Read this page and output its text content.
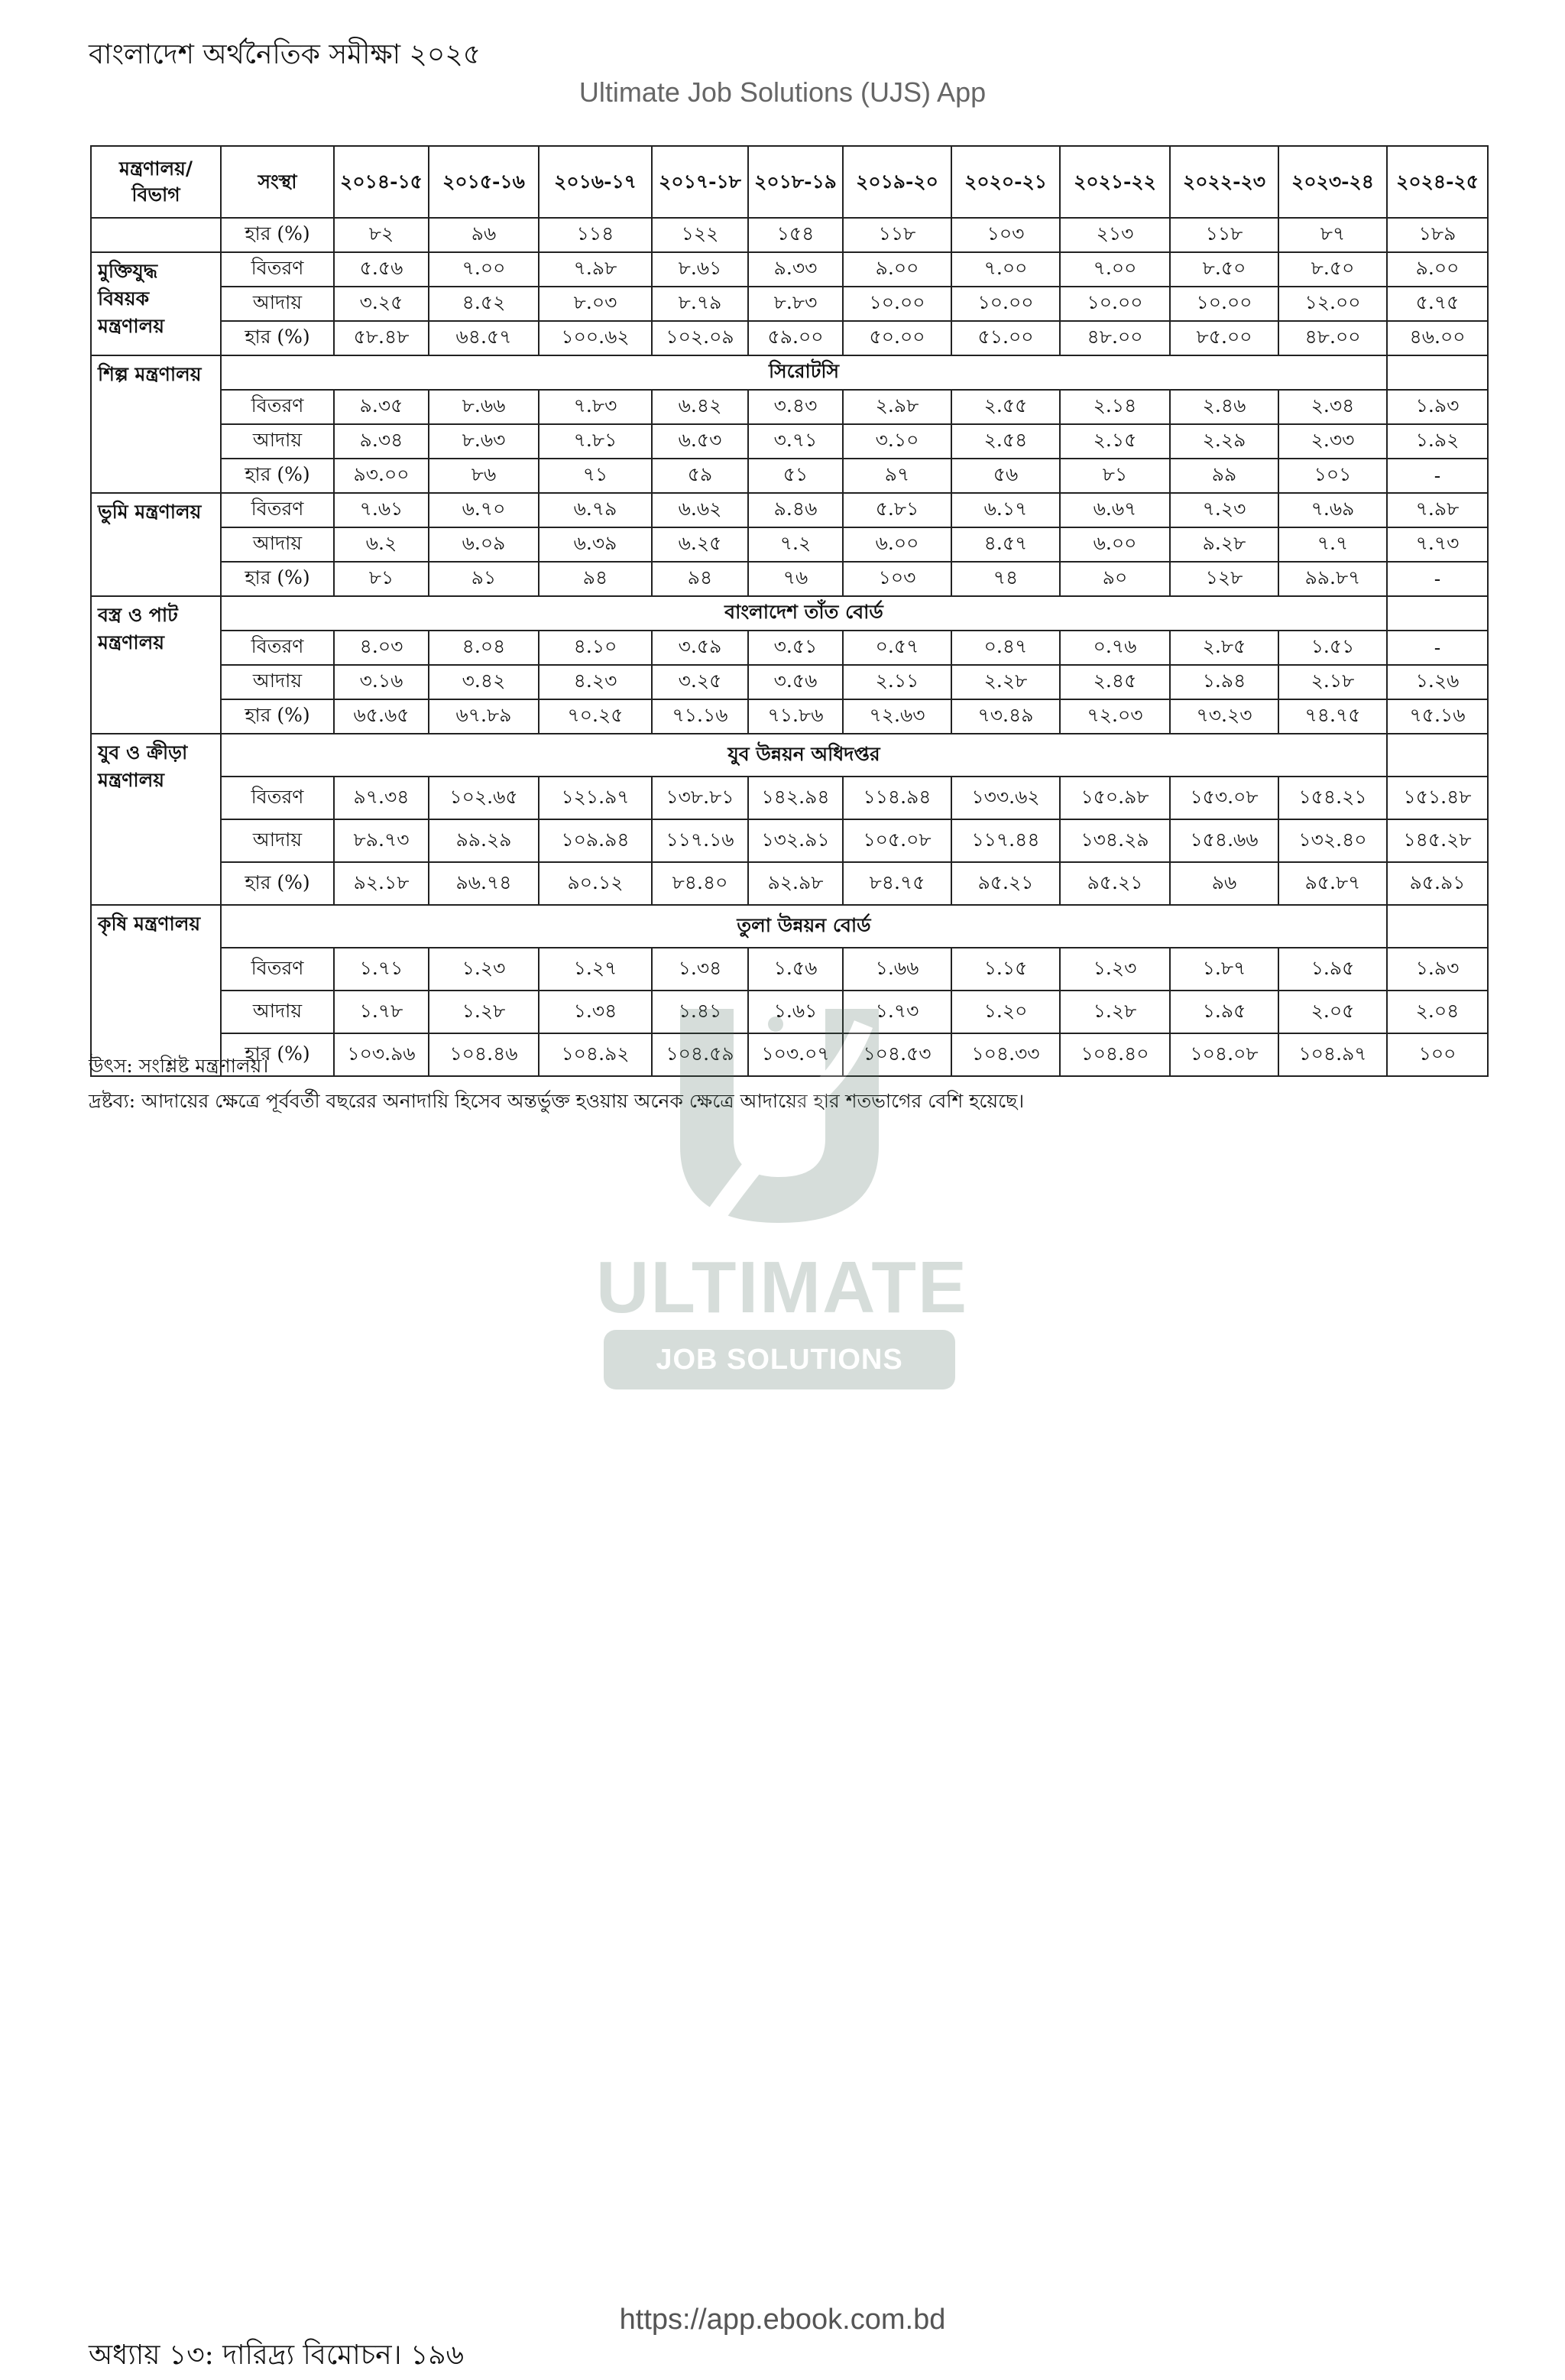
বাংলাদেশ অর্থনৈতিক সমীক্ষা ২০২৫
Ultimate Job Solutions (UJS) App
মন্ত্রণালয়/ বিভাগ	সংস্থা	২০১৪-১৫	২০১৫-১৬	২০১৬-১৭	২০১৭-১৮	২০১৮-১৯	২০১৯-২০	২০২০-২১	২০২১-২২	২০২২-২৩	২০২৩-২৪	২০২৪-২৫
	হার (%)	৮২	৯৬	১১৪	১২২	১৫৪	১১৮	১০৩	২১৩	১১৮	৮৭	১৮৯
মুক্তিযুদ্ধ বিষয়ক মন্ত্রণালয়	বিতরণ	৫.৫৬	৭.০০	৭.৯৮	৮.৬১	৯.৩৩	৯.০০	৭.০০	৭.০০	৮.৫০	৮.৫০	৯.০০
	আদায়	৩.২৫	৪.৫২	৮.০৩	৮.৭৯	৮.৮৩	১০.০০	১০.০০	১০.০০	১০.০০	১২.০০	৫.৭৫
	হার (%)	৫৮.৪৮	৬৪.৫৭	১০০.৬২	১০২.০৯	৫৯.০০	৫০.০০	৫১.০০	৪৮.০০	৮৫.০০	৪৮.০০	৪৬.০০
শিল্প মন্ত্রণালয়	সিরোটসি											
	বিতরণ	৯.৩৫	৮.৬৬	৭.৮৩	৬.৪২	৩.৪৩	২.৯৮	২.৫৫	২.১৪	২.৪৬	২.৩৪	১.৯৩
	আদায়	৯.৩৪	৮.৬৩	৭.৮১	৬.৫৩	৩.৭১	৩.১০	২.৫৪	২.১৫	২.২৯	২.৩৩	১.৯২
	হার (%)	৯৩.০০	৮৬	৭১	৫৯	৫১	৯৭	৫৬	৮১	৯৯	১০১	-
ভুমি মন্ত্রণালয়	বিতরণ	৭.৬১	৬.৭০	৬.৭৯	৬.৬২	৯.৪৬	৫.৮১	৬.১৭	৬.৬৭	৭.২৩	৭.৬৯	৭.৯৮
	আদায়	৬.২	৬.০৯	৬.৩৯	৬.২৫	৭.২	৬.০০	৪.৫৭	৬.০০	৯.২৮	৭.৭	৭.৭৩
	হার (%)	৮১	৯১	৯৪	৯৪	৭৬	১০৩	৭৪	৯০	১২৮	৯৯.৮৭	-
বস্ত্র ও পাট মন্ত্রণালয়	বাংলাদেশ তাঁত বোর্ড											
	বিতরণ	৪.০৩	৪.০৪	৪.১০	৩.৫৯	৩.৫১	০.৫৭	০.৪৭	০.৭৬	২.৮৫	১.৫১	-
	আদায়	৩.১৬	৩.৪২	৪.২৩	৩.২৫	৩.৫৬	২.১১	২.২৮	২.৪৫	১.৯৪	২.১৮	১.২৬
	হার (%)	৬৫.৬৫	৬৭.৮৯	৭০.২৫	৭১.১৬	৭১.৮৬	৭২.৬৩	৭৩.৪৯	৭২.০৩	৭৩.২৩	৭৪.৭৫	৭৫.১৬
যুব ও ক্রীড়া মন্ত্রণালয়	যুব উন্নয়ন অধিদপ্তর											
	বিতরণ	৯৭.৩৪	১০২.৬৫	১২১.৯৭	১৩৮.৮১	১৪২.৯৪	১১৪.৯৪	১৩৩.৬২	১৫০.৯৮	১৫৩.০৮	১৫৪.২১	১৫১.৪৮
	আদায়	৮৯.৭৩	৯৯.২৯	১০৯.৯৪	১১৭.১৬	১৩২.৯১	১০৫.০৮	১১৭.৪৪	১৩৪.২৯	১৫৪.৬৬	১৩২.৪০	১৪৫.২৮
	হার (%)	৯২.১৮	৯৬.৭৪	৯০.১২	৮৪.৪০	৯২.৯৮	৮৪.৭৫	৯৫.২১	৯৫.২১	৯৬	৯৫.৮৭	৯৫.৯১
কৃষি মন্ত্রণালয়	তুলা উন্নয়ন বোর্ড											
	বিতরণ	১.৭১	১.২৩	১.২৭	১.৩৪	১.৫৬	১.৬৬	১.১৫	১.২৩	১.৮৭	১.৯৫	১.৯৩
	আদায়	১.৭৮	১.২৮	১.৩৪	১.৪১	১.৬১	১.৭৩	১.২০	১.২৮	১.৯৫	২.০৫	২.০৪
	হার (%)	১০৩.৯৬	১০৪.৪৬	১০৪.৯২	১০৪.৫৯	১০৩.০৭	১০৪.৫৩	১০৪.৩৩	১০৪.৪০	১০৪.০৮	১০৪.৯৭	১০০
উৎস: সংশ্লিষ্ট মন্ত্রণালয়।
দ্রষ্টব্য: আদায়ের ক্ষেত্রে পূর্ববর্তী বছরের অনাদায়ি হিসেব অন্তর্ভুক্ত হওয়ায় অনেক ক্ষেত্রে আদায়ের হার শতভাগের বেশি হয়েছে।
ULTIMATE
JOB SOLUTIONS
https://app.ebook.com.bd
অধ্যায় ১৩: দারিদ্র্য বিমোচন। ১৯৬
